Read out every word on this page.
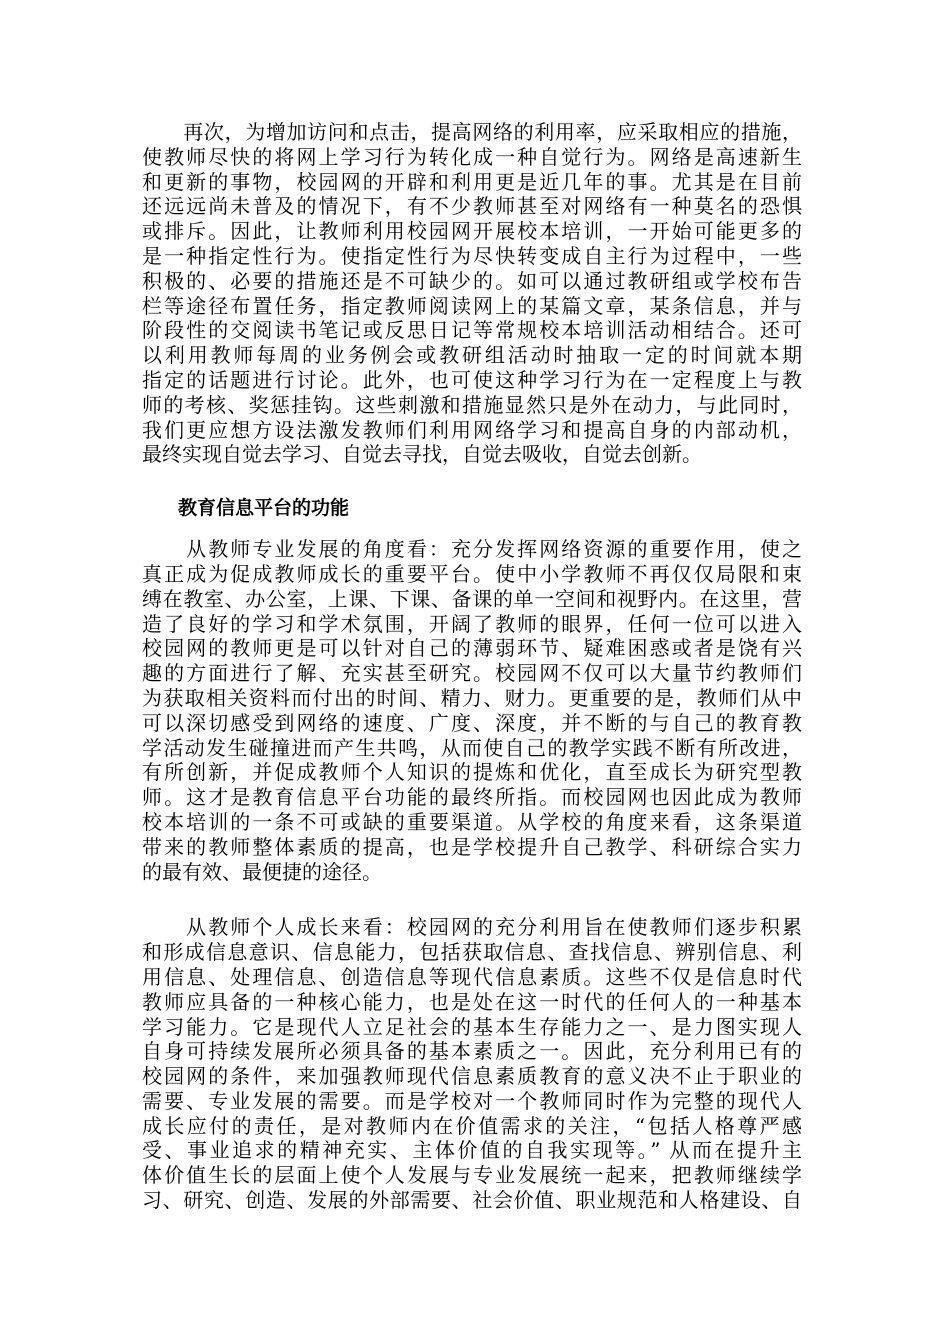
　　再次，为增加访问和点击，提高网络的利用率，应采取相应的措施，
使教师尽快的将网上学习行为转化成一种自觉行为。网络是高速新生
和更新的事物，校园网的开辟和利用更是近几年的事。尤其是在目前
还远远尚未普及的情况下，有不少教师甚至对网络有一种莫名的恐惧
或排斥。因此，让教师利用校园网开展校本培训，一开始可能更多的
是一种指定性行为。使指定性行为尽快转变成自主行为过程中，一些
积极的、必要的措施还是不可缺少的。如可以通过教研组或学校布告
栏等途径布置任务，指定教师阅读网上的某篇文章，某条信息，并与
阶段性的交阅读书笔记或反思日记等常规校本培训活动相结合。还可
以利用教师每周的业务例会或教研组活动时抽取一定的时间就本期
指定的话题进行讨论。此外，也可使这种学习行为在一定程度上与教
师的考核、奖惩挂钩。这些刺激和措施显然只是外在动力，与此同时，
我们更应想方设法激发教师们利用网络学习和提高自身的内部动机，
最终实现自觉去学习、自觉去寻找，自觉去吸收，自觉去创新。
教育信息平台的功能
　　从教师专业发展的角度看：充分发挥网络资源的重要作用，使之
真正成为促成教师成长的重要平台。使中小学教师不再仅仅局限和束
缚在教室、办公室，上课、下课、备课的单一空间和视野内。在这里，营
造了良好的学习和学术氛围，开阔了教师的眼界，任何一位可以进入
校园网的教师更是可以针对自己的薄弱环节、疑难困惑或者是饶有兴
趣的方面进行了解、充实甚至研究。校园网不仅可以大量节约教师们
为获取相关资料而付出的时间、精力、财力。更重要的是，教师们从中
可以深切感受到网络的速度、广度、深度，并不断的与自己的教育教
学活动发生碰撞进而产生共鸣，从而使自己的教学实践不断有所改进，
有所创新，并促成教师个人知识的提炼和优化，直至成长为研究型教
师。这才是教育信息平台功能的最终所指。而校园网也因此成为教师
校本培训的一条不可或缺的重要渠道。从学校的角度来看，这条渠道
带来的教师整体素质的提高，也是学校提升自己教学、科研综合实力
的最有效、最便捷的途径。
　　从教师个人成长来看：校园网的充分利用旨在使教师们逐步积累
和形成信息意识、信息能力，包括获取信息、查找信息、辨别信息、利
用信息、处理信息、创造信息等现代信息素质。这些不仅是信息时代
教师应具备的一种核心能力，也是处在这一时代的任何人的一种基本
学习能力。它是现代人立足社会的基本生存能力之一、是力图实现人
自身可持续发展所必须具备的基本素质之一。因此，充分利用已有的
校园网的条件，来加强教师现代信息素质教育的意义决不止于职业的
需要、专业发展的需要。而是学校对一个教师同时作为完整的现代人
成长应付的责任，是对教师内在价值需求的关注，“包括人格尊严感
受、事业追求的精神充实、主体价值的自我实现等。” 从而在提升主
体价值生长的层面上使个人发展与专业发展统一起来，把教师继续学
习、研究、创造、发展的外部需要、社会价值、职业规范和人格建设、自
